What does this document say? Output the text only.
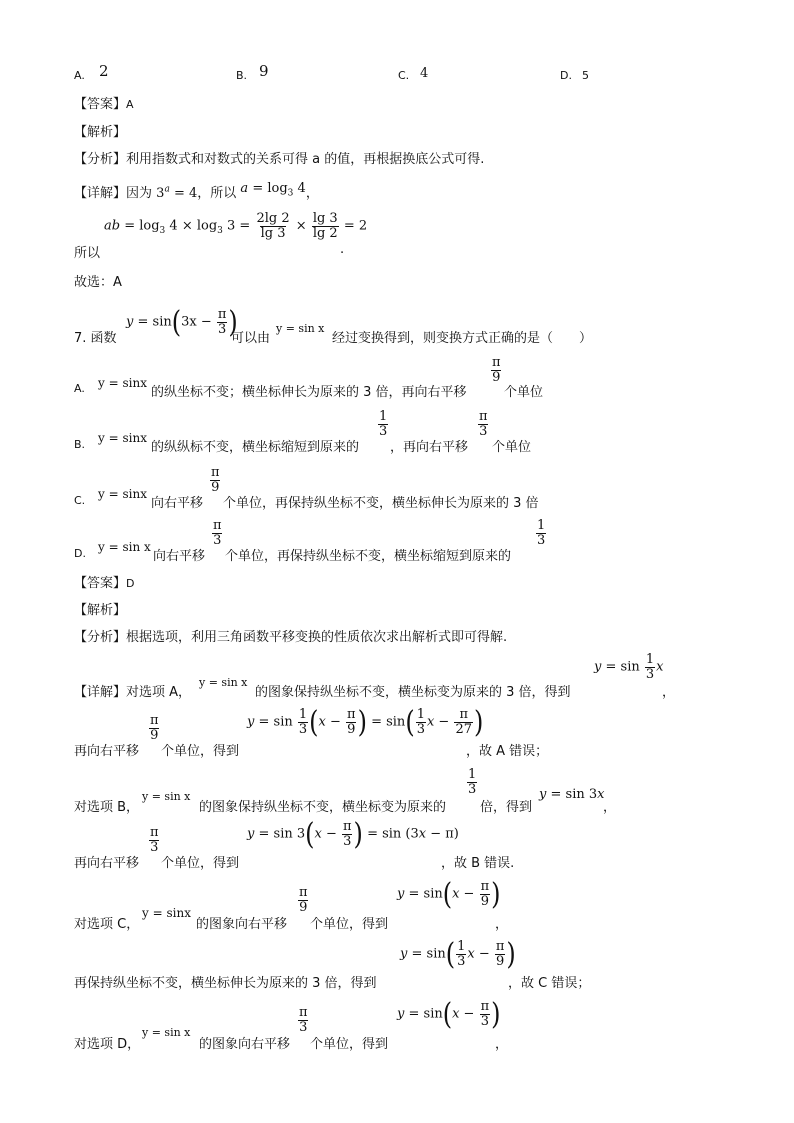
A. 2	B. 9	C. 4	D. 5
【答案】A
【解析】
【分析】利用指数式和对数式的关系可得 a 的值，再根据换底公式可得.
【详解】因为 $3^a = 4$，所以 $a = \log_3 4$，
ab = $\log_3 4 \times \log_3 3 = \frac{2\lg 2}{\lg 3} \times \frac{\lg 3}{\lg 2} = 2$
所以	.
故选：A
7. 函数
$y = \sin(3x - \frac{\pi}{3}$ )
可以由
y = sin x
经过变换得到，则变换方式正确的是（　　）
A. y = sinx
的纵坐标不变；横坐标伸长为原来的 3 倍，再向右平移
$\frac{\pi}{9}$
个单位
B. y = sinx
的纵纵标不变，横坐标缩短到原来的
$\frac{1}{3}$
，再向右平移
$\frac{\pi}{3}$
个单位
C. y = sinx
向右平移
$\frac{\pi}{9}$
个单位，再保持纵坐标不变，横坐标伸长为原来的 3 倍
D. y = sin x
向右平移
$\frac{\pi}{3}$
个单位，再保持纵坐标不变，横坐标缩短到原来的
$\frac{1}{3}$
【答案】D
【解析】
【分析】根据选项，利用三角函数平移变换的性质依次求出解析式即可得解.
【详解】对选项 A，
y = sin x
的图象保持纵坐标不变，横坐标变为原来的 3 倍，得到
$y = \sin \frac{1}{3}$ x
，
再向右平移
$\frac{\pi}{9}$
个单位，得到
$y = \sin \frac{1}{3} (x - \frac{\pi}{9}$ ) = $\sin( \frac{1}{3}$ $x - \frac{\pi}{27}$ )
，故 A 错误；
对选项 B，
y = sin x
的图象保持纵坐标不变，横坐标变为原来的
$\frac{1}{3}$
倍，得到
y = sin 3x
，
再向右平移
$\frac{\pi}{3}$
个单位，得到
$y = \sin 3(x - \frac{\pi}{3}$ ) = sin (3x − π)
，故 B 错误.
对选项 C，
y = sinx
的图象向右平移
$\frac{\pi}{9}$
个单位，得到
$y = \sin(x - \frac{\pi}{9}$ )
，
再保持纵坐标不变，横坐标伸长为原来的 3 倍，得到
$y = \sin( \frac{1}{3}$ $x - \frac{\pi}{9}$ )
，故 C 错误；
对选项 D，
y = sin x
的图象向右平移
$\frac{\pi}{3}$
个单位，得到
$y = \sin(x - \frac{\pi}{3}$ )
，
